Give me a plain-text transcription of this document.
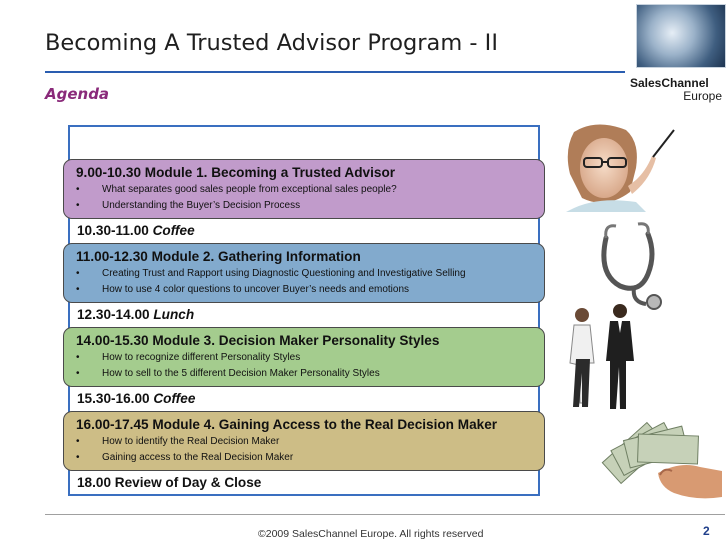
Becoming A Trusted Advisor Program - II
Agenda
SalesChannel
Europe
9.00-10.30 Module 1. Becoming a Trusted Advisor
•	What separates good sales people from exceptional sales people?
•	Understanding the Buyer’s Decision Process
10.30-11.00 Coffee
11.00-12.30 Module 2. Gathering Information
•	Creating Trust and Rapport using Diagnostic Questioning and Investigative Selling
•	How to use 4 color questions to uncover Buyer’s needs and emotions
12.30-14.00 Lunch
14.00-15.30 Module 3. Decision Maker Personality Styles
•	How to recognize different Personality Styles
•	How to sell to the 5 different Decision Maker Personality Styles
15.30-16.00 Coffee
16.00-17.45 Module 4. Gaining Access to the Real Decision Maker
•	How to identify the Real Decision Maker
•	Gaining access to the Real Decision Maker
18.00 Review of Day & Close
©2009 SalesChannel Europe. All rights reserved	2
